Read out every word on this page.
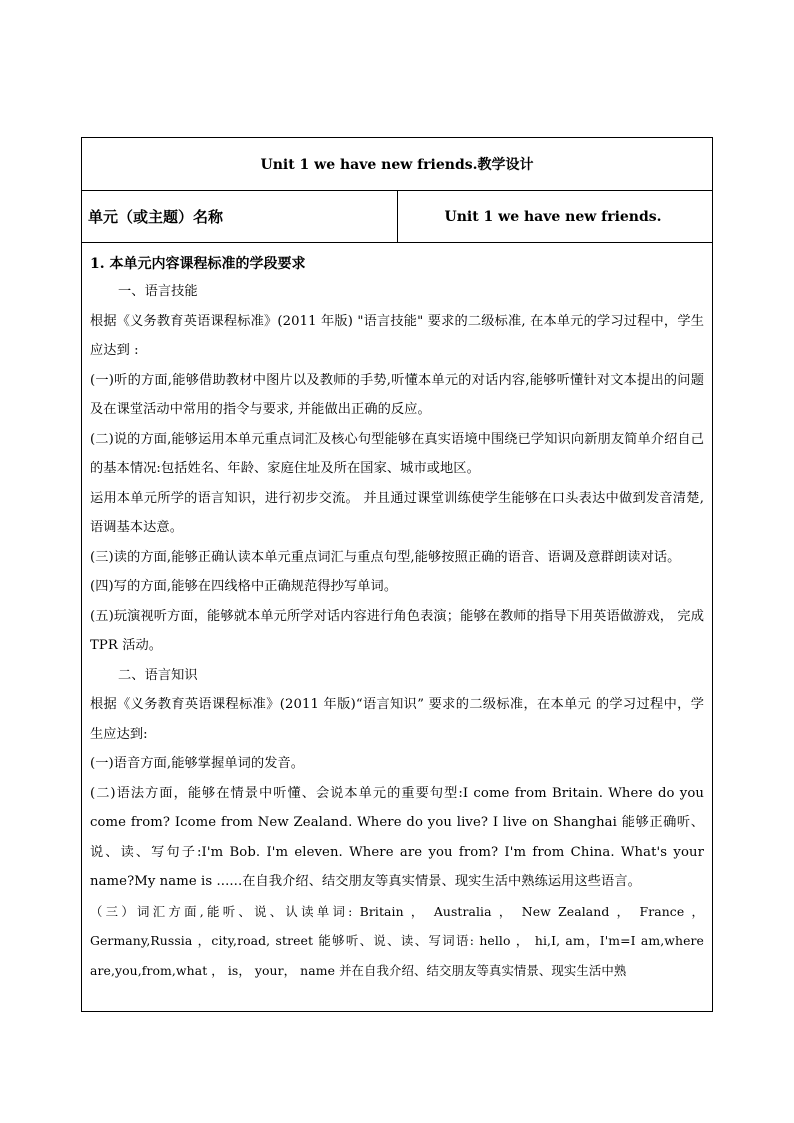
Unit 1 we have new friends.教学设计
单元（或主题）名称	Unit 1 we have new friends.

1. 本单元内容课程标准的学段要求

一、语言技能

根据《义务教育英语课程标准》(2011 年版) "语言技能" 要求的二级标准, 在本单元的学习过程中，学生应达到 :

(一)听的方面,能够借助教材中图片以及教师的手势,听懂本单元的对话内容,能够听懂针对文本提出的问题及在课堂活动中常用的指令与要求, 并能做出正确的反应。

(二)说的方面,能够运用本单元重点词汇及核心句型能够在真实语境中围绕已学知识向新朋友简单介绍自己的基本情况:包括姓名、年龄、家庭住址及所在国家、城市或地区。

运用本单元所学的语言知识，进行初步交流。 并且通过课堂训练使学生能够在口头表达中做到发音清楚, 语调基本达意。

(三)读的方面,能够正确认读本单元重点词汇与重点句型,能够按照正确的语音、语调及意群朗读对话。

(四)写的方面,能够在四线格中正确规范得抄写单词。

(五)玩演视听方面，能够就本单元所学对话内容进行角色表演；能够在教师的指导下用英语做游戏， 完成 TPR 活动。

二、语言知识

根据《义务教育英语课程标准》(2011 年版)“语言知识” 要求的二级标准，在本单元 的学习过程中，学生应达到:

(一)语音方面,能够掌握单词的发音。

(二)语法方面，能够在情景中听懂、会说本单元的重要句型:I come from Britain. Where do you come from? Icome from New Zealand. Where do you live? I live on Shanghai 能够正确听、说、读、写句子:I'm Bob. I'm eleven. Where are you from? I'm from China. What's your name?My name is ......在自我介绍、结交朋友等真实情景、现实生活中熟练运用这些语言。

（三）词汇方面,能听、说、认读单词: Britain ， Australia ， New Zealand ， France ，Germany,Russia ，city,road, street 能够听、说、读、写词语: hello ， hi,I, am，I'm=I am,where are,you,from,what ， is， your， name 并在自我介绍、结交朋友等真实情景、现实生活中熟
